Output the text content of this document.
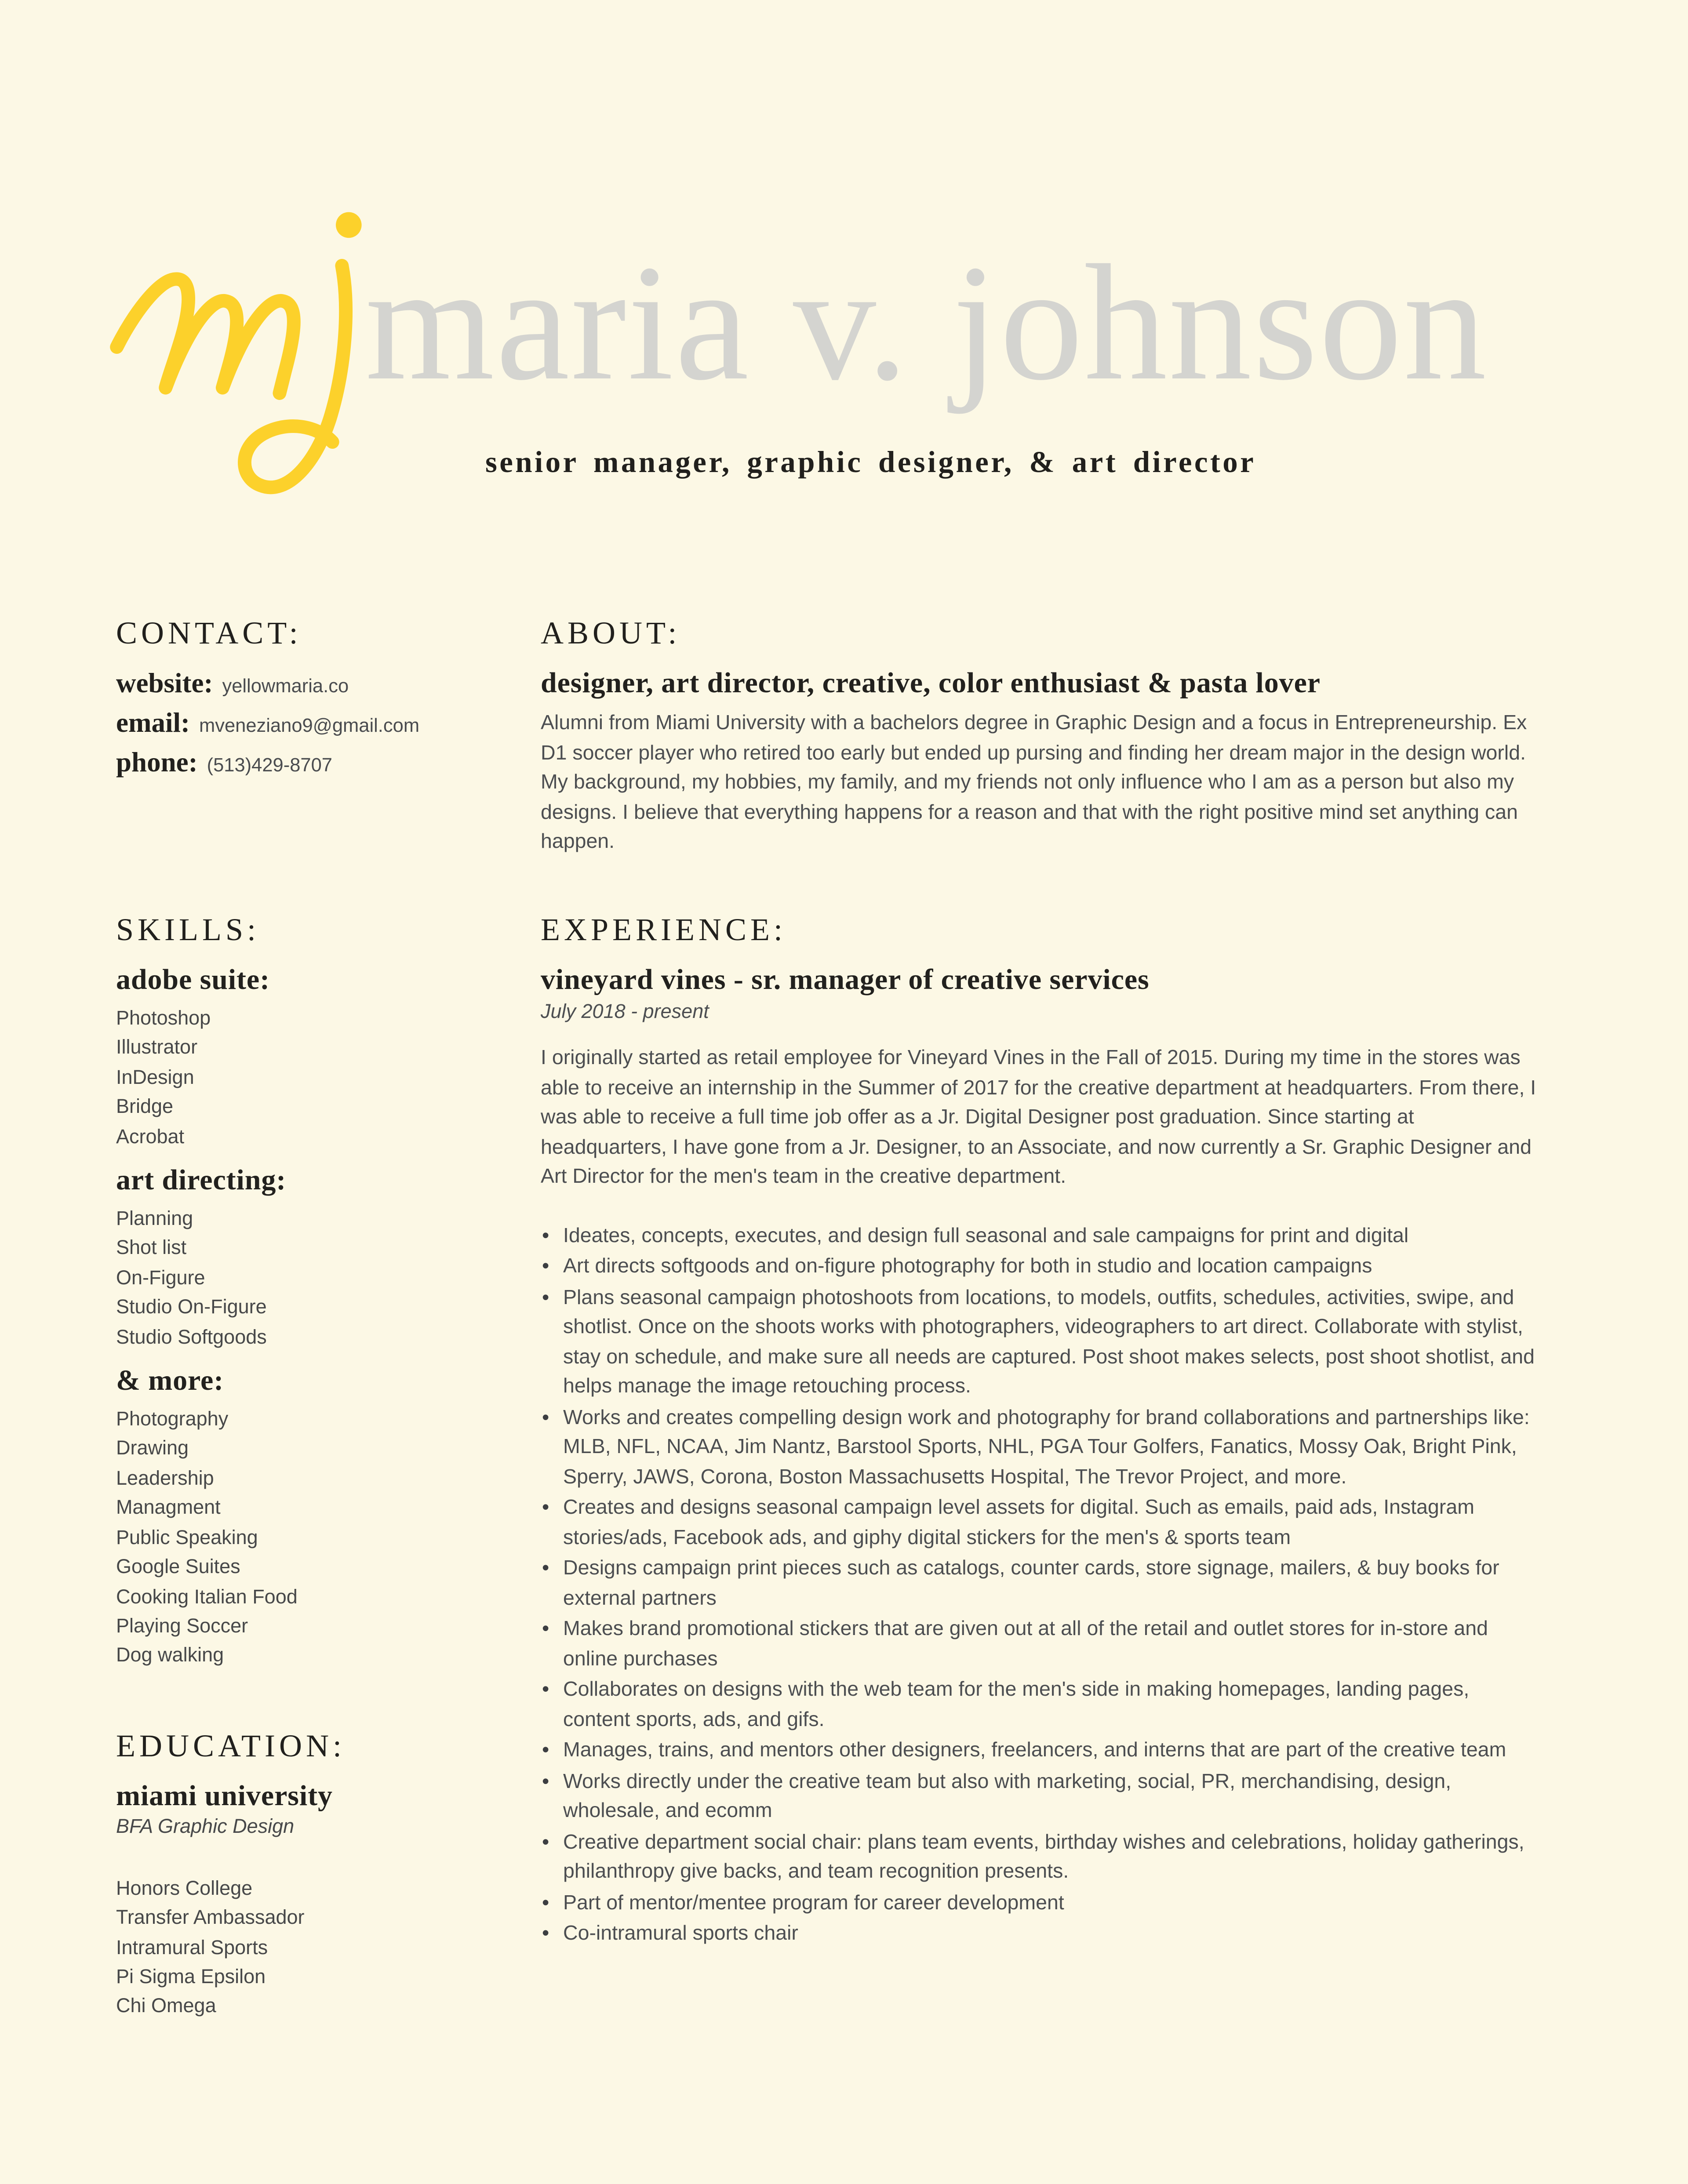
maria v. johnson
senior manager, graphic designer, & art director
CONTACT:
website: yellowmaria.co
email: mveneziano9@gmail.com
phone: (513)429-8707
SKILLS:
adobe suite:
Photoshop
Illustrator
InDesign
Bridge
Acrobat
art directing:
Planning
Shot list
On-Figure
Studio On-Figure
Studio Softgoods
& more:
Photography
Drawing
Leadership
Managment
Public Speaking
Google Suites
Cooking Italian Food
Playing Soccer
Dog walking
EDUCATION:
miami university
BFA Graphic Design
Honors College
Transfer Ambassador
Intramural Sports
Pi Sigma Epsilon
Chi Omega
ABOUT:
designer, art director, creative, color enthusiast & pasta lover

Alumni from Miami University with a bachelors degree in Graphic Design and a focus in Entrepreneurship. Ex D1 soccer player who retired too early but ended up pursing and finding her dream major in the design world. My background, my hobbies, my family, and my friends not only influence who I am as a person but also my designs. I believe that everything happens for a reason and that with the right positive mind set anything can happen.

EXPERIENCE:
vineyard vines - sr. manager of creative services
July 2018 - present

I originally started as retail employee for Vineyard Vines in the Fall of 2015. During my time in the stores was able to receive an internship in the Summer of 2017 for the creative department at headquarters. From there, I was able to receive a full time job offer as a Jr. Digital Designer post graduation. Since starting at headquarters, I have gone from a Jr. Designer, to an Associate, and now currently a Sr. Graphic Designer and Art Director for the men's team in the creative department.

• Ideates, concepts, executes, and design full seasonal and sale campaigns for print and digital
• Art directs softgoods and on-figure photography for both in studio and location campaigns
• Plans seasonal campaign photoshoots from locations, to models, outfits, schedules, activities, swipe, and shotlist. Once on the shoots works with photographers, videographers to art direct. Collaborate with stylist, stay on schedule, and make sure all needs are captured. Post shoot makes selects, post shoot shotlist, and helps manage the image retouching process.
• Works and creates compelling design work and photography for brand collaborations and partnerships like: MLB, NFL, NCAA, Jim Nantz, Barstool Sports, NHL, PGA Tour Golfers, Fanatics, Mossy Oak, Bright Pink, Sperry, JAWS, Corona, Boston Massachusetts Hospital, The Trevor Project, and more.
• Creates and designs seasonal campaign level assets for digital. Such as emails, paid ads, Instagram stories/ads, Facebook ads, and giphy digital stickers for the men's & sports team
• Designs campaign print pieces such as catalogs, counter cards, store signage, mailers, & buy books for external partners
• Makes brand promotional stickers that are given out at all of the retail and outlet stores for in-store and online purchases
• Collaborates on designs with the web team for the men's side in making homepages, landing pages, content sports, ads, and gifs.
• Manages, trains, and mentors other designers, freelancers, and interns that are part of the creative team
• Works directly under the creative team but also with marketing, social, PR, merchandising, design, wholesale, and ecomm
• Creative department social chair: plans team events, birthday wishes and celebrations, holiday gatherings, philanthropy give backs, and team recognition presents.
• Part of mentor/mentee program for career development
• Co-intramural sports chair
